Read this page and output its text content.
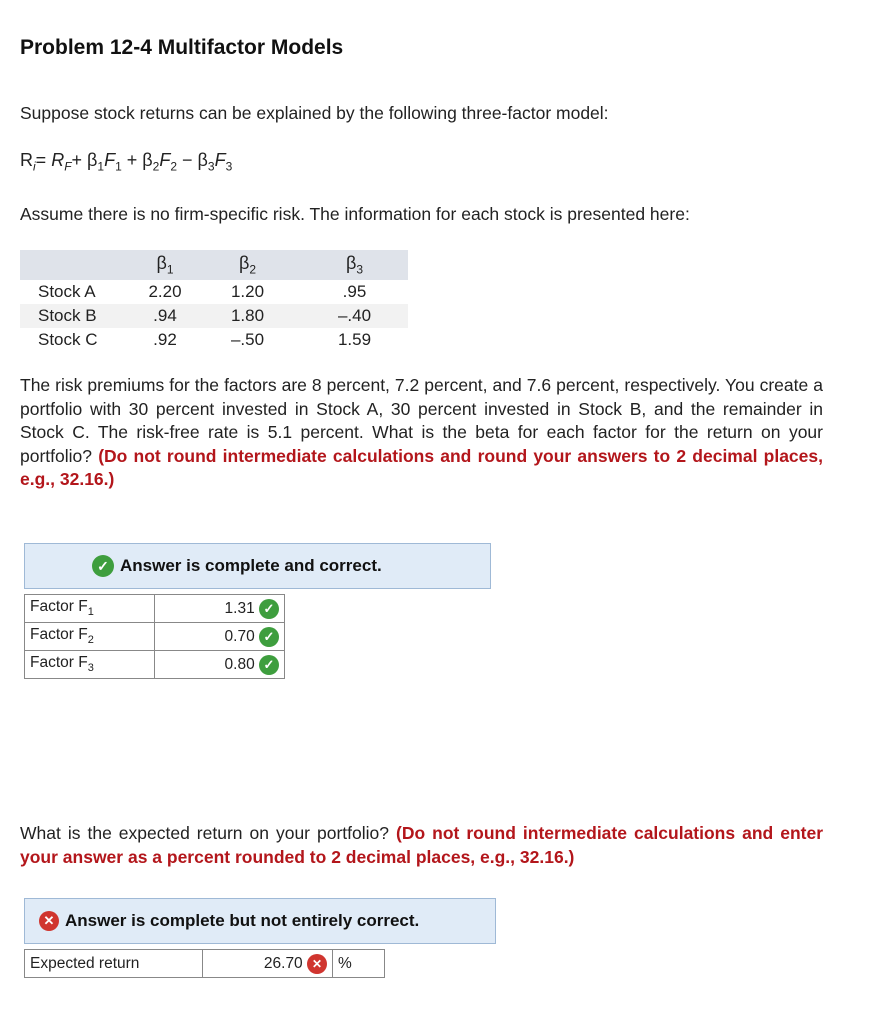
Problem 12-4 Multifactor Models
Suppose stock returns can be explained by the following three-factor model:
$R_i= R_F+ \beta_1F_1 + \beta_2F_2 - \beta_3F_3$
Assume there is no firm-specific risk. The information for each stock is presented here:
	$\beta_1$	$\beta_2$	$\beta_3$
Stock A	2.20	1.20	.95
Stock B	.94	1.80	–.40
Stock C	.92	–.50	1.59
The risk premiums for the factors are 8 percent, 7.2 percent, and 7.6 percent, respectively. You create a portfolio with 30 percent invested in Stock A, 30 percent invested in Stock B, and the remainder in Stock C. The risk-free rate is 5.1 percent. What is the beta for each factor for the return on your portfolio? (Do not round intermediate calculations and round your answers to 2 decimal places, e.g., 32.16.)
✓ Answer is complete and correct.
Factor $F_1$	1.31 ✓
Factor $F_2$	0.70 ✓
Factor $F_3$	0.80 ✓
What is the expected return on your portfolio? (Do not round intermediate calculations and enter your answer as a percent rounded to 2 decimal places, e.g., 32.16.)
✕ Answer is complete but not entirely correct.
Expected return	26.70 ✕	%
